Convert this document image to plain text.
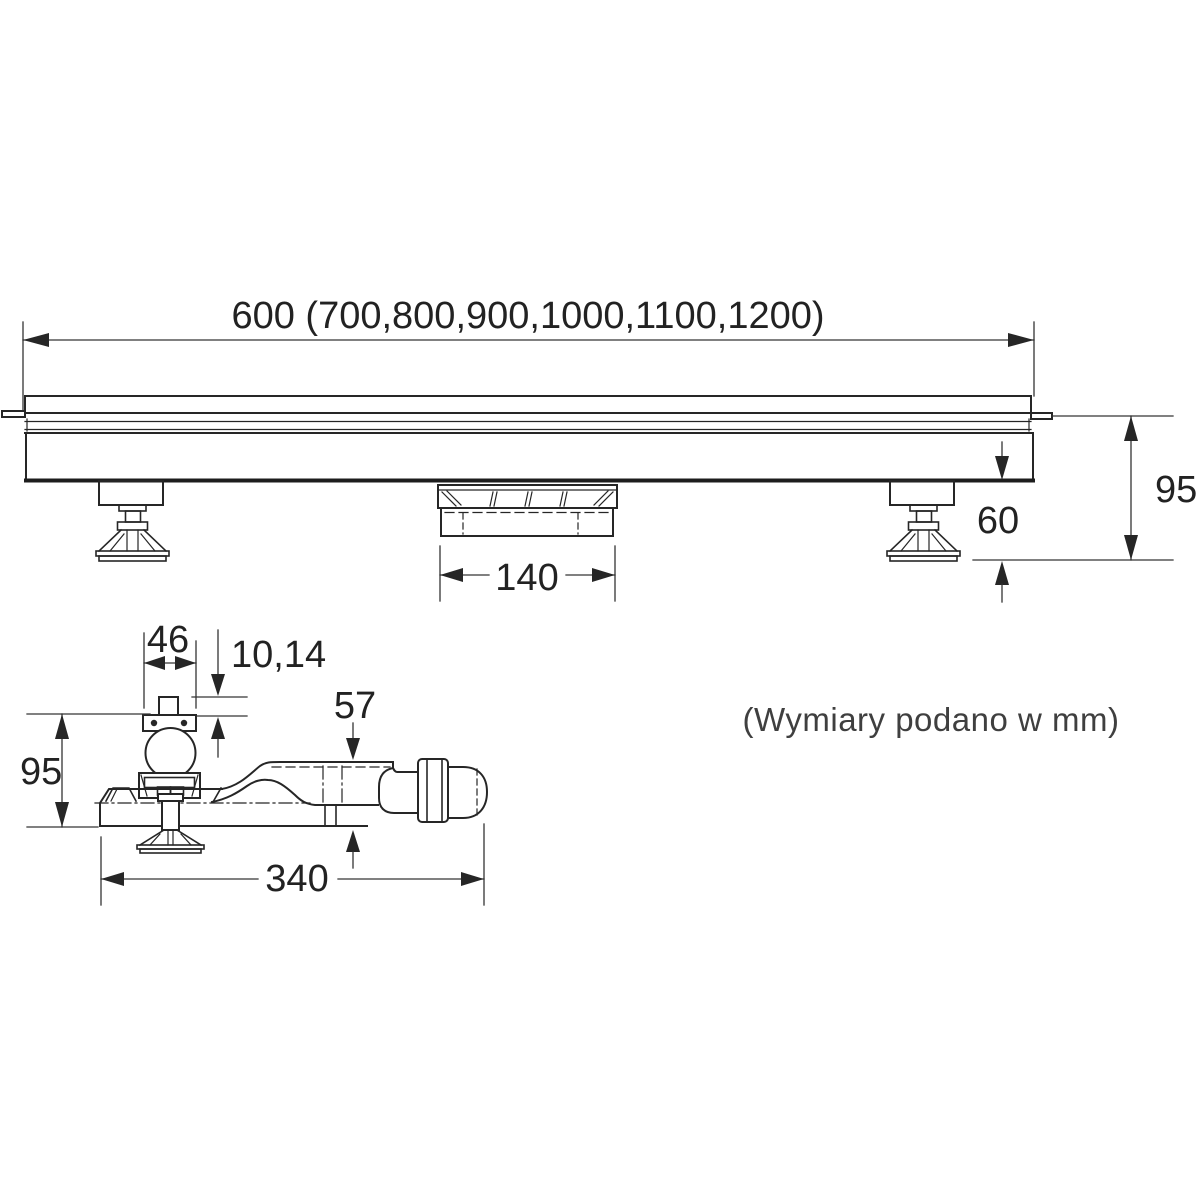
600 (700,800,900,1000,1100,1200)
140
95
60
46 10,14
57
95
340
(Wymiary podano w mm)
